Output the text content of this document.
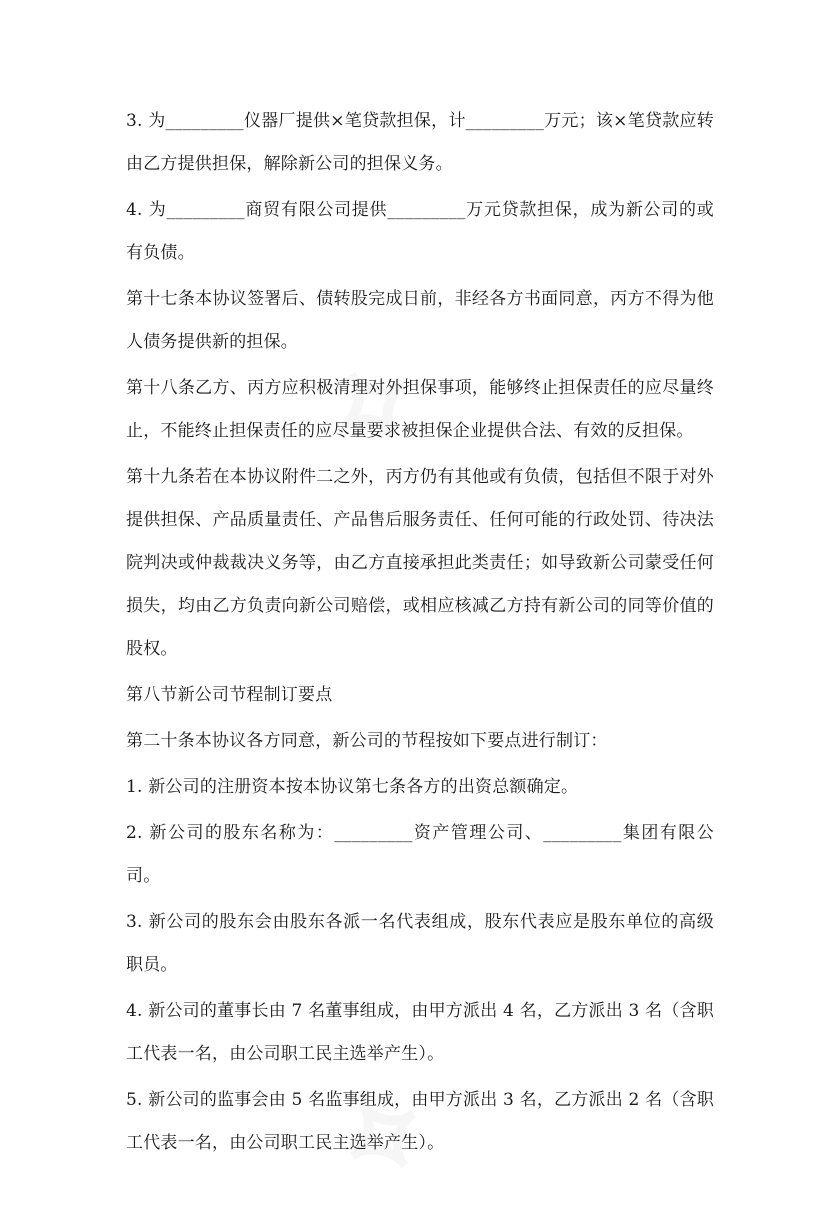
3. 为_________仪器厂提供×笔贷款担保，计_________万元；该×笔贷款应转由乙方提供担保，解除新公司的担保义务。

4. 为_________商贸有限公司提供_________万元贷款担保，成为新公司的或有负债。

第十七条本协议签署后、债转股完成日前，非经各方书面同意，丙方不得为他人债务提供新的担保。

第十八条乙方、丙方应积极清理对外担保事项，能够终止担保责任的应尽量终止，不能终止担保责任的应尽量要求被担保企业提供合法、有效的反担保。

第十九条若在本协议附件二之外，丙方仍有其他或有负债，包括但不限于对外提供担保、产品质量责任、产品售后服务责任、任何可能的行政处罚、待决法院判决或仲裁裁决义务等，由乙方直接承担此类责任；如导致新公司蒙受任何损失，均由乙方负责向新公司赔偿，或相应核减乙方持有新公司的同等价值的股权。

第八节新公司节程制订要点

第二十条本协议各方同意，新公司的节程按如下要点进行制订：

1. 新公司的注册资本按本协议第七条各方的出资总额确定。

2. 新公司的股东名称为：_________资产管理公司、_________集团有限公司。

3. 新公司的股东会由股东各派一名代表组成，股东代表应是股东单位的高级职员。

4. 新公司的董事长由 7 名董事组成，由甲方派出 4 名，乙方派出 3 名（含职工代表一名，由公司职工民主选举产生）。

5. 新公司的监事会由 5 名监事组成，由甲方派出 3 名，乙方派出 2 名（含职工代表一名，由公司职工民主选举产生）。
